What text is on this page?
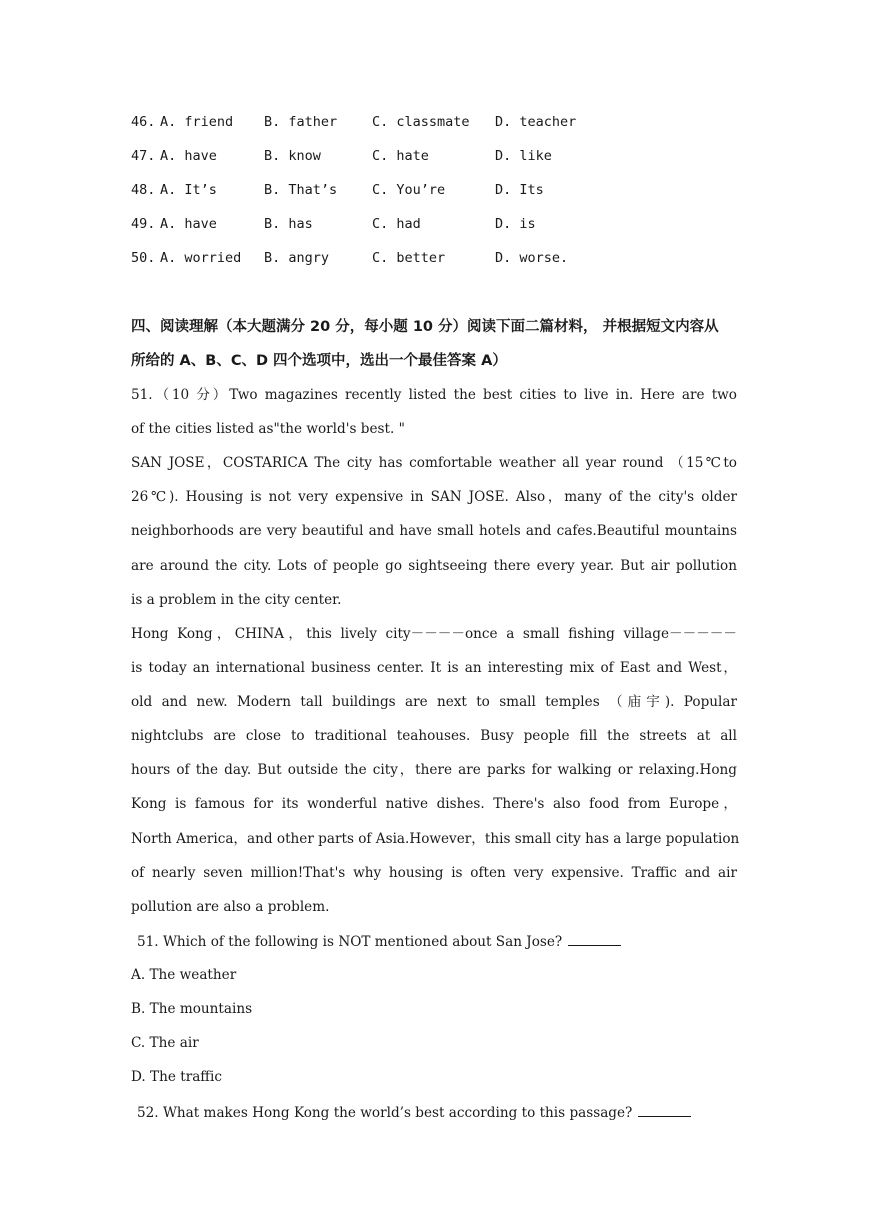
46. A. friend B. father	C. classmate D. teacher
47. A. have	B. know	C. hate	D. like
48. A. It’s	B. That’s	C. You’re	D. Its
49. A. have	B. has	C. had	D. is
50. A. worried B. angry	C. better	D. worse.
四、阅读理解（本大题满分 20 分，每小题 10 分）阅读下面二篇材料， 并根据短文内容从
所给的 A、B、C、D 四个选项中，选出一个最佳答案 A）
51.（10 分）Two magazines recently listed the best cities to live in. Here are two
of the cities listed as"the world's best. "
SAN JOSE，COSTARICA The city has comfortable weather all year round （15℃to
26℃). Housing is not very expensive in SAN JOSE. Also，many of the city's older
neighborhoods are very beautiful and have small hotels and cafes.Beautiful mountains
are around the city. Lots of people go sightseeing there every year. But air pollution
is a problem in the city center.
Hong Kong，CHINA，this lively city－－－－once a small fishing village－－－－－
is today an international business center. It is an interesting mix of East and West，
old and new. Modern tall buildings are next to small temples （庙宇). Popular
nightclubs are close to traditional teahouses. Busy people fill the streets at all
hours of the day. But outside the city，there are parks for walking or relaxing.Hong
Kong is famous for its wonderful native dishes. There's also food from Europe，
North America，and other parts of Asia.However，this small city has a large population
of nearly seven million!That's why housing is often very expensive. Traffic and air
pollution are also a problem.
51. Which of the following is NOT mentioned about San Jose?
A. The weather
B. The mountains
C. The air
D. The traffic
52. What makes Hong Kong the world’s best according to this passage?
